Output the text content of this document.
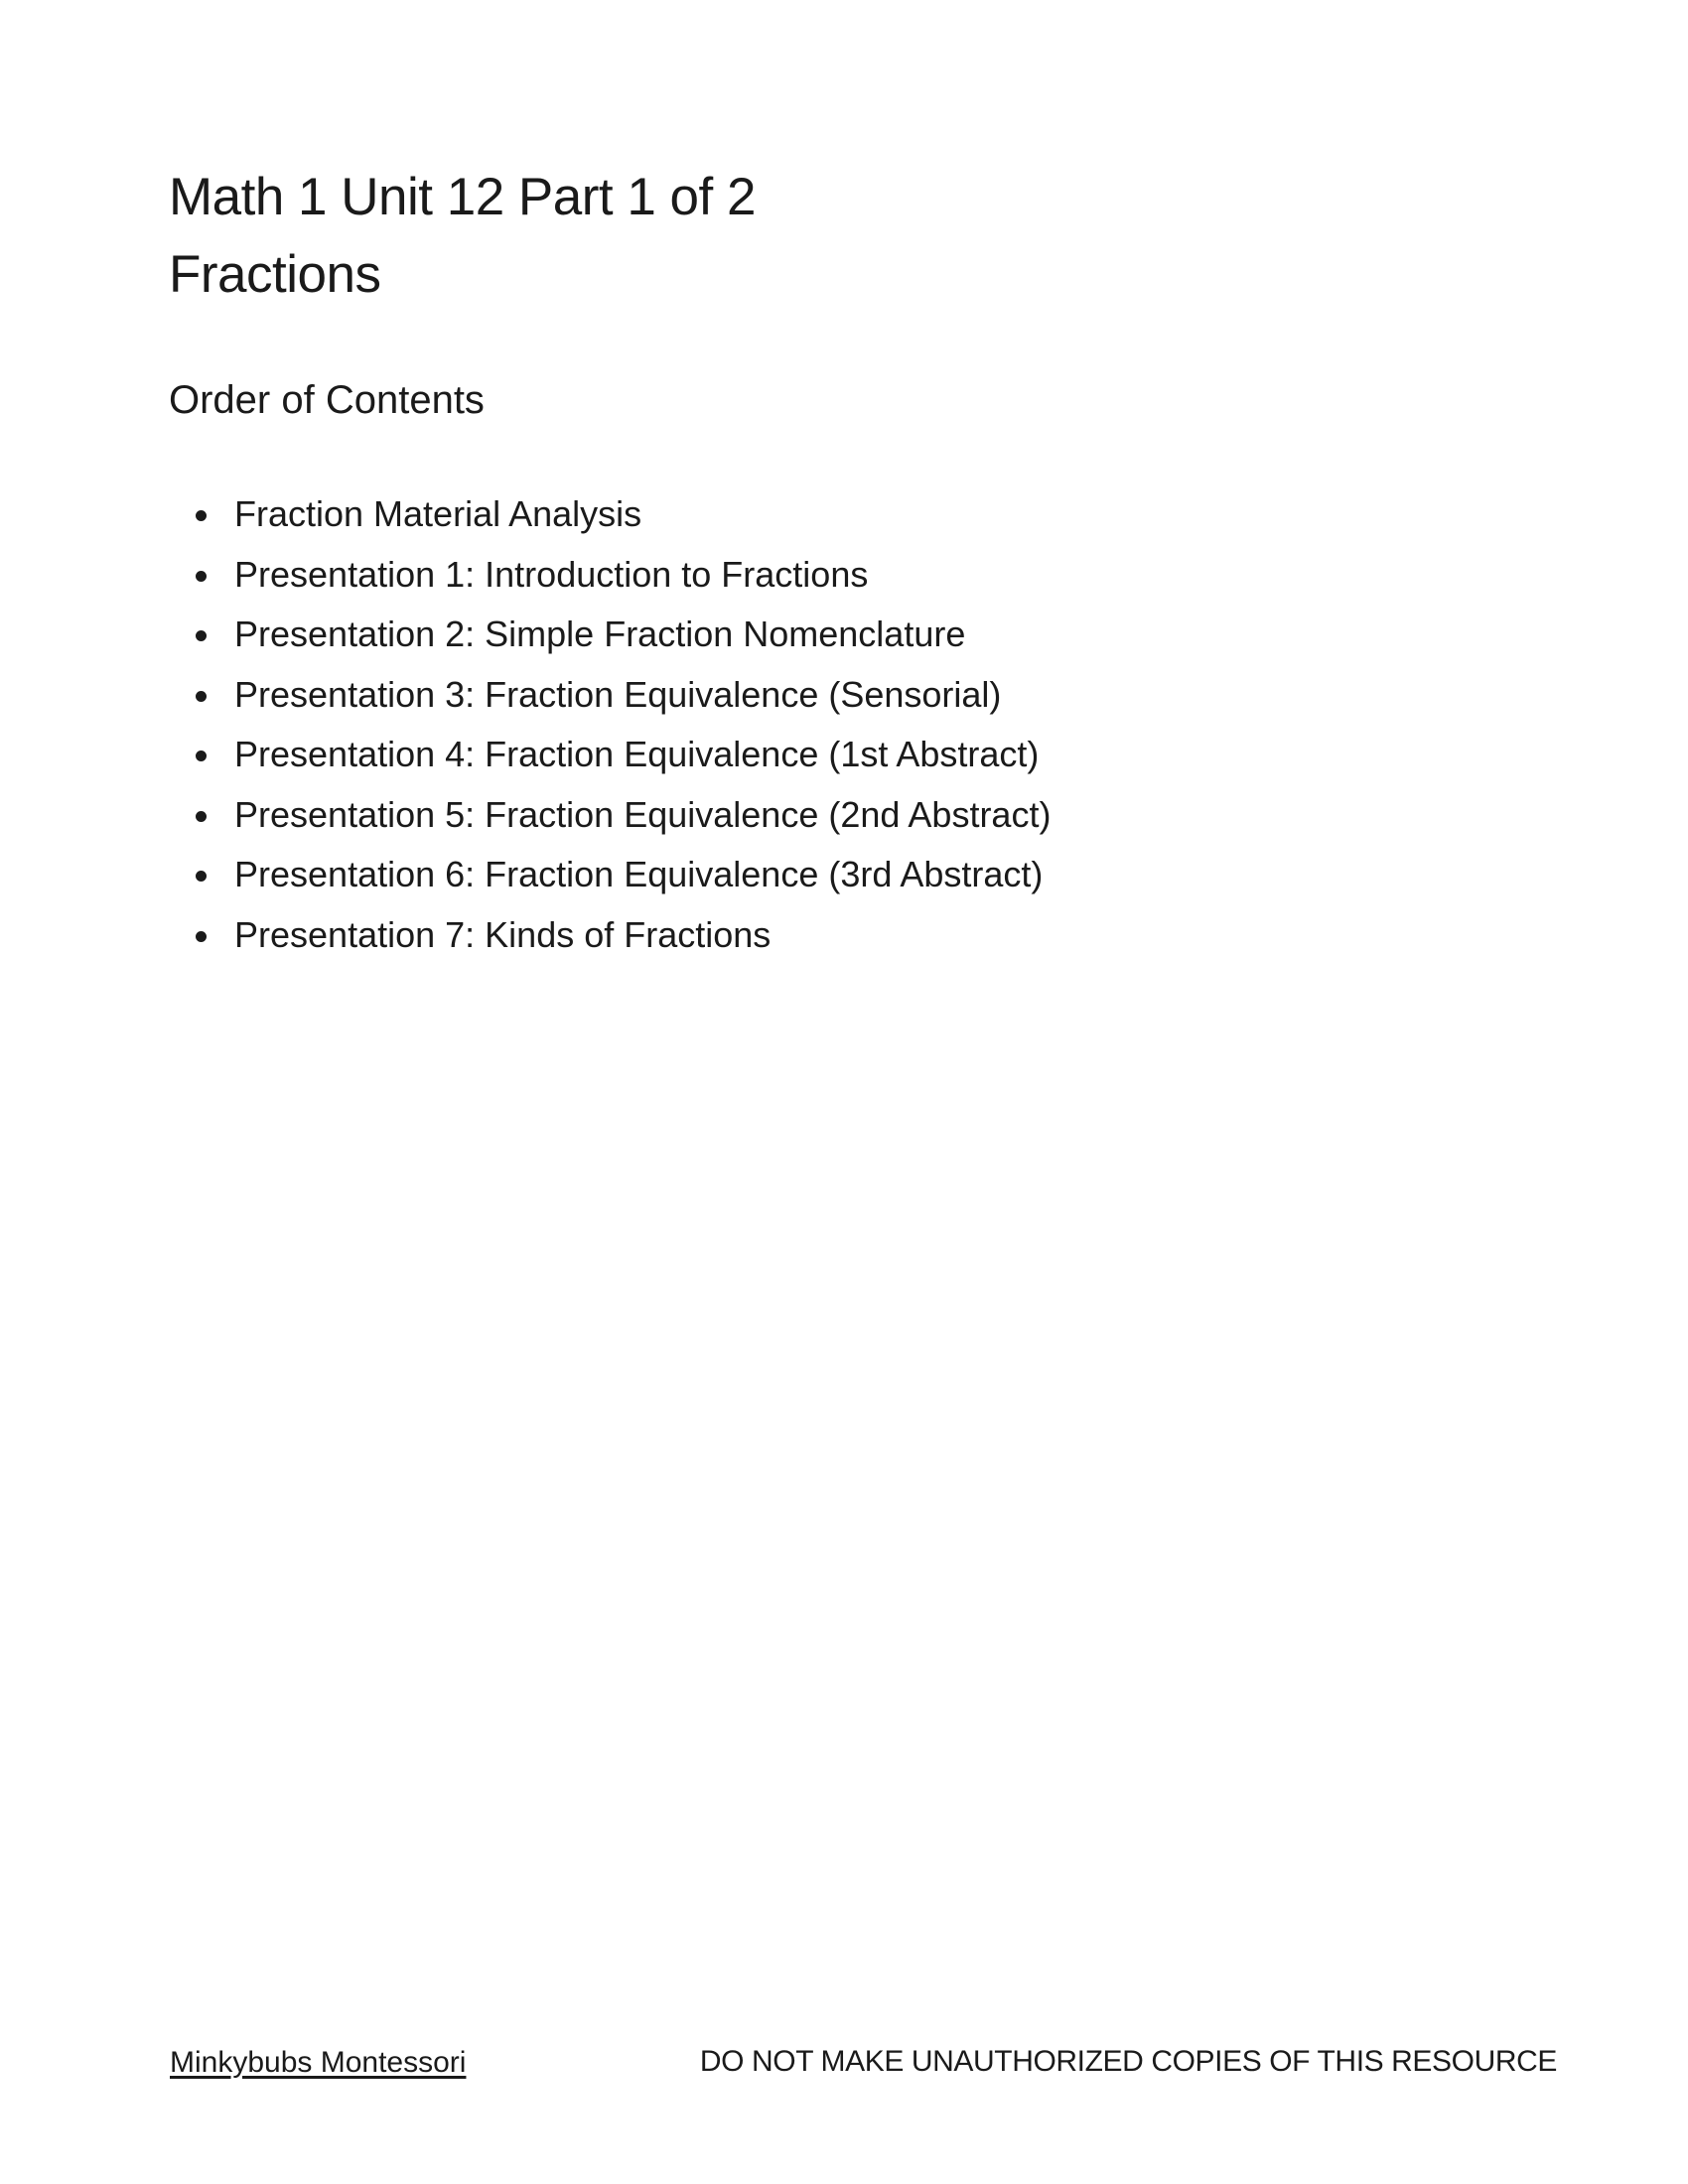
Math 1 Unit 12 Part 1 of 2
Fractions
Order of Contents
Fraction Material Analysis
Presentation 1: Introduction to Fractions
Presentation 2: Simple Fraction Nomenclature
Presentation 3: Fraction Equivalence (Sensorial)
Presentation 4: Fraction Equivalence (1st Abstract)
Presentation 5: Fraction Equivalence (2nd Abstract)
Presentation 6: Fraction Equivalence (3rd Abstract)
Presentation 7: Kinds of Fractions
Minkybubs Montessori	DO NOT MAKE UNAUTHORIZED COPIES OF THIS RESOURCE
